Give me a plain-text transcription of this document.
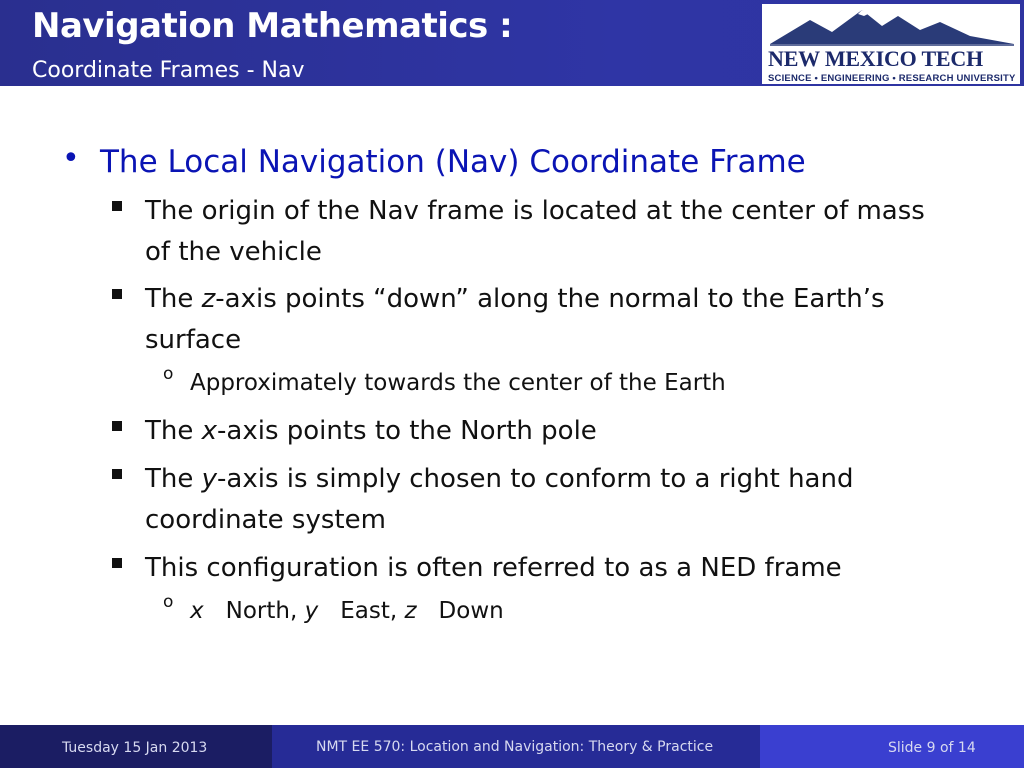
Navigation Mathematics :
Coordinate Frames - Nav
M
NEW MEXICO TECH
SCIENCE • ENGINEERING • RESEARCH UNIVERSITY
• The Local Navigation (Nav) Coordinate Frame
The origin of the Nav frame is located at the center of mass of the vehicle
The z-axis points “down” along the normal to the Earth’s surface
o Approximately towards the center of the Earth
The x-axis points to the North pole
The y-axis is simply chosen to conform to a right hand coordinate system
This configuration is often referred to as a NED frame
o x North, y East, z Down
Tuesday 15 Jan 2013	NMT EE 570: Location and Navigation: Theory & Practice	Slide 9 of 14
